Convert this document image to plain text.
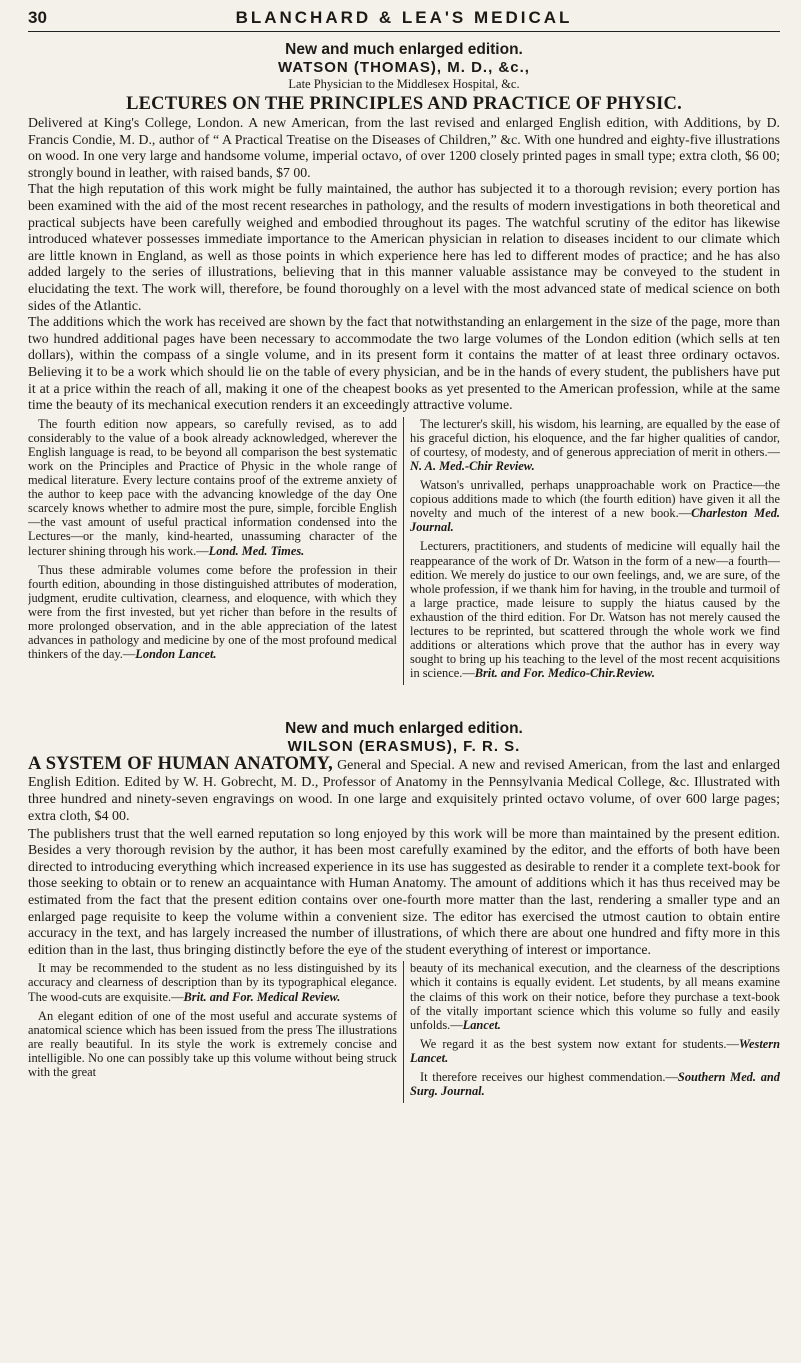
30	BLANCHARD & LEA'S MEDICAL
New and much enlarged edition.
WATSON (THOMAS), M. D., &c.,
Late Physician to the Middlesex Hospital, &c.
LECTURES ON THE PRINCIPLES AND PRACTICE OF PHYSIC.

Delivered at King's College, London. A new American, from the last revised and enlarged English edition, with Additions, by D. Francis Condie, M. D., author of “ A Practical Treatise on the Diseases of Children,” &c. With one hundred and eighty-five illustrations on wood. In one very large and handsome volume, imperial octavo, of over 1200 closely printed pages in small type; extra cloth, $6 00; strongly bound in leather, with raised bands, $7 00.

That the high reputation of this work might be fully maintained, the author has subjected it to a thorough revision; every portion has been examined with the aid of the most recent researches in pathology, and the results of modern investigations in both theoretical and practical subjects have been carefully weighed and embodied throughout its pages. The watchful scrutiny of the editor has likewise introduced whatever possesses immediate importance to the American physician in relation to diseases incident to our climate which are little known in England, as well as those points in which experience here has led to different modes of practice; and he has also added largely to the series of illustrations, believing that in this manner valuable assistance may be conveyed to the student in elucidating the text. The work will, therefore, be found thoroughly on a level with the most advanced state of medical science on both sides of the Atlantic.

The additions which the work has received are shown by the fact that notwithstanding an enlargement in the size of the page, more than two hundred additional pages have been necessary to accommodate the two large volumes of the London edition (which sells at ten dollars), within the compass of a single volume, and in its present form it contains the matter of at least three ordinary octavos. Believing it to be a work which should lie on the table of every physician, and be in the hands of every student, the publishers have put it at a price within the reach of all, making it one of the cheapest books as yet presented to the American profession, while at the same time the beauty of its mechanical execution renders it an exceedingly attractive volume.

The fourth edition now appears, so carefully revised, as to add considerably to the value of a book already acknowledged, wherever the English language is read, to be beyond all comparison the best systematic work on the Principles and Practice of Physic in the whole range of medical literature. Every lecture contains proof of the extreme anxiety of the author to keep pace with the advancing knowledge of the day One scarcely knows whether to admire most the pure, simple, forcible English—the vast amount of useful practical information condensed into the Lectures—or the manly, kind-hearted, unassuming character of the lecturer shining through his work.—Lond. Med. Times.

Thus these admirable volumes come before the profession in their fourth edition, abounding in those distinguished attributes of moderation, judgment, erudite cultivation, clearness, and eloquence, with which they were from the first invested, but yet richer than before in the results of more prolonged observation, and in the able appreciation of the latest advances in pathology and medicine by one of the most profound medical thinkers of the day.—London Lancet.

The lecturer's skill, his wisdom, his learning, are equalled by the ease of his graceful diction, his eloquence, and the far higher qualities of candor, of courtesy, of modesty, and of generous appreciation of merit in others.—N. A. Med.-Chir Review.

Watson's unrivalled, perhaps unapproachable work on Practice—the copious additions made to which (the fourth edition) have given it all the novelty and much of the interest of a new book.—Charleston Med. Journal.

Lecturers, practitioners, and students of medicine will equally hail the reappearance of the work of Dr. Watson in the form of a new—a fourth—edition. We merely do justice to our own feelings, and, we are sure, of the whole profession, if we thank him for having, in the trouble and turmoil of a large practice, made leisure to supply the hiatus caused by the exhaustion of the third edition. For Dr. Watson has not merely caused the lectures to be reprinted, but scattered through the whole work we find additions or alterations which prove that the author has in every way sought to bring up his teaching to the level of the most recent acquisitions in science.—Brit. and For. Medico-Chir.Review.

New and much enlarged edition.
WILSON (ERASMUS), F. R. S.

A SYSTEM OF HUMAN ANATOMY, General and Special. A new and revised American, from the last and enlarged English Edition. Edited by W. H. Gobrecht, M. D., Professor of Anatomy in the Pennsylvania Medical College, &c. Illustrated with three hundred and ninety-seven engravings on wood. In one large and exquisitely printed octavo volume, of over 600 large pages; extra cloth, $4 00.

The publishers trust that the well earned reputation so long enjoyed by this work will be more than maintained by the present edition. Besides a very thorough revision by the author, it has been most carefully examined by the editor, and the efforts of both have been directed to introducing everything which increased experience in its use has suggested as desirable to render it a complete text-book for those seeking to obtain or to renew an acquaintance with Human Anatomy. The amount of additions which it has thus received may be estimated from the fact that the present edition contains over one-fourth more matter than the last, rendering a smaller type and an enlarged page requisite to keep the volume within a convenient size. The editor has exercised the utmost caution to obtain entire accuracy in the text, and has largely increased the number of illustrations, of which there are about one hundred and fifty more in this edition than in the last, thus bringing distinctly before the eye of the student everything of interest or importance.

It may be recommended to the student as no less distinguished by its accuracy and clearness of description than by its typographical elegance. The wood-cuts are exquisite.—Brit. and For. Medical Review.

An elegant edition of one of the most useful and accurate systems of anatomical science which has been issued from the press The illustrations are really beautiful. In its style the work is extremely concise and intelligible. No one can possibly take up this volume without being struck with the great

beauty of its mechanical execution, and the clearness of the descriptions which it contains is equally evident. Let students, by all means examine the claims of this work on their notice, before they purchase a text-book of the vitally important science which this volume so fully and easily unfolds.—Lancet.

We regard it as the best system now extant for students.—Western Lancet.

It therefore receives our highest commendation.—Southern Med. and Surg. Journal.
